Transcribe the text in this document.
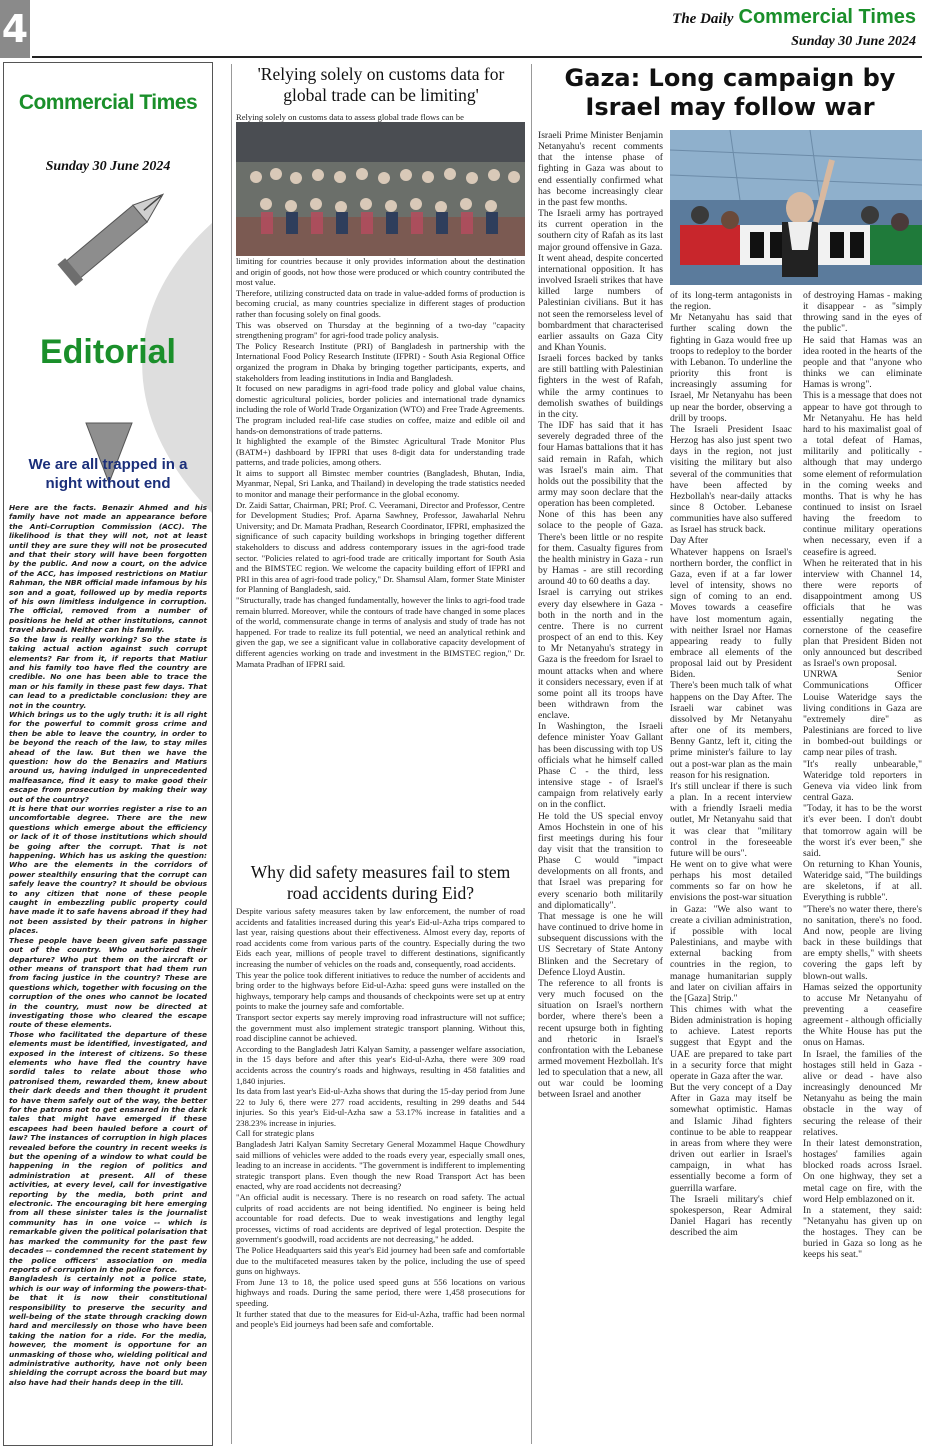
4	The Daily Commercial Times
Sunday 30 June 2024
Commercial Times
Sunday 30 June 2024
Editorial
We are all trapped in a night without end

Here are the facts. Benazir Ahmed and his family have not made an appearance before the Anti-Corruption Commission (ACC). The likelihood is that they will not, not at least until they are sure they will not be prosecuted and that their story will have been forgotten by the public. And now a court, on the advice of the ACC, has imposed restrictions on Matiur Rahman, the NBR official made infamous by his son and a goat, followed up by media reports of his own limitless indulgence in corruption. The official, removed from a number of positions he held at other institutions, cannot travel abroad. Neither can his family.

So the law is really working? So the state is taking actual action against such corrupt elements? Far from it, if reports that Matiur and his family too have fled the country are credible. No one has been able to trace the man or his family in these past few days. That can lead to a predictable conclusion: they are not in the country.

Which brings us to the ugly truth: it is all right for the powerful to commit gross crime and then be able to leave the country, in order to be beyond the reach of the law, to stay miles ahead of the law. But then we have the question: how do the Benazirs and Matiurs around us, having indulged in unprecedented malfeasance, find it easy to make good their escape from prosecution by making their way out of the country?

It is here that our worries register a rise to an uncomfortable degree. There are the new questions which emerge about the efficiency or lack of it of those institutions which should be going after the corrupt. That is not happening. Which has us asking the question: Who are the elements in the corridors of power stealthily ensuring that the corrupt can safely leave the country? It should be obvious to any citizen that none of these people caught in embezzling public property could have made it to safe havens abroad if they had not been assisted by their patrons in higher places.

These people have been given safe passage out of the country. Who authorized their departure? Who put them on the aircraft or other means of transport that had them run from facing justice in the country? These are questions which, together with focusing on the corruption of the ones who cannot be located in the country, must now be directed at investigating those who cleared the escape route of these elements.

Those who facilitated the departure of these elements must be identified, investigated, and exposed in the interest of citizens. So these elements who have fled the country have sordid tales to relate about those who patronised them, rewarded them, knew about their dark deeds and then thought it prudent to have them safely out of the way, the better for the patrons not to get ensnared in the dark tales that might have emerged if these escapees had been hauled before a court of law? The instances of corruption in high places revealed before the country in recent weeks is but the opening of a window to what could be happening in the region of politics and administration at present. All of these activities, at every level, call for investigative reporting by the media, both print and electronic. The encouraging bit here emerging from all these sinister tales is the journalist community has in one voice -- which is remarkable given the political polarisation that has marked the community for the past few decades -- condemned the recent statement by the police officers' association on media reports of corruption in the police force.

Bangladesh is certainly not a police state, which is our way of informing the powers-that-be that it is now their constitutional responsibility to preserve the security and well-being of the state through cracking down hard and mercilessly on those who have been taking the nation for a ride. For the media, however, the moment is opportune for an unmasking of those who, wielding political and administrative authority, have not only been shielding the corrupt across the board but may also have had their hands deep in the till.

'Relying solely on customs data for global trade can be limiting'

Relying solely on customs data to assess global trade flows can be

limiting for countries because it only provides information about the destination and origin of goods, not how those were produced or which country contributed the most value.

Therefore, utilizing constructed data on trade in value-added forms of production is becoming crucial, as many countries specialize in different stages of production rather than focusing solely on final goods.

This was observed on Thursday at the beginning of a two-day "capacity strengthening program" for agri-food trade policy analysis.

The Policy Research Institute (PRI) of Bangladesh in partnership with the International Food Policy Research Institute (IFPRI) - South Asia Regional Office organized the program in Dhaka by bringing together participants, experts, and stakeholders from leading institutions in India and Bangladesh.

It focused on new paradigms in agri-food trade policy and global value chains, domestic agricultural policies, border policies and international trade dynamics including the role of World Trade Organization (WTO) and Free Trade Agreements.

The program included real-life case studies on coffee, maize and edible oil and hands-on demonstrations of trade patterns.

It highlighted the example of the Bimstec Agricultural Trade Monitor Plus (BATM+) dashboard by IFPRI that uses 8-digit data for understanding trade patterns, and trade policies, among others.

It aims to support all Bimstec member countries (Bangladesh, Bhutan, India, Myanmar, Nepal, Sri Lanka, and Thailand) in developing the trade statistics needed to monitor and manage their performance in the global economy.

Dr. Zaidi Sattar, Chairman, PRI; Prof. C. Veeramani, Director and Professor, Centre for Development Studies; Prof. Aparna Sawhney, Professor, Jawaharlal Nehru University; and Dr. Mamata Pradhan, Research Coordinator, IFPRI, emphasized the significance of such capacity building workshops in bringing together different stakeholders to discuss and address contemporary issues in the agri-food trade sector. "Policies related to agri-food trade are critically important for South Asia and the BIMSTEC region. We welcome the capacity building effort of IFPRI and PRI in this area of agri-food trade policy," Dr. Shamsul Alam, former State Minister for Planning of Bangladesh, said.

"Structurally, trade has changed fundamentally, however the links to agri-food trade remain blurred. Moreover, while the contours of trade have changed in some places of the world, commensurate change in terms of analysis and study of trade has not happened. For trade to realize its full potential, we need an analytical rethink and given the gap, we see a significant value in collaborative capacity development of different agencies working on trade and investment in the BIMSTEC region," Dr. Mamata Pradhan of IFPRI said.

Why did safety measures fail to stem road accidents during Eid?

Despite various safety measures taken by law enforcement, the number of road accidents and fatalities increased during this year's Eid-ul-Azha trips compared to last year, raising questions about their effectiveness. Almost every day, reports of road accidents come from various parts of the country. Especially during the two Eids each year, millions of people travel to different destinations, significantly increasing the number of vehicles on the roads and, consequently, road accidents.

This year the police took different initiatives to reduce the number of accidents and bring order to the highways before Eid-ul-Azha: speed guns were installed on the highways, temporary help camps and thousands of checkpoints were set up at entry points to make the journey safe and comfortable.

Transport sector experts say merely improving road infrastructure will not suffice; the government must also implement strategic transport planning. Without this, road discipline cannot be achieved.

According to the Bangladesh Jatri Kalyan Samity, a passenger welfare association, in the 15 days before and after this year's Eid-ul-Azha, there were 309 road accidents across the country's roads and highways, resulting in 458 fatalities and 1,840 injuries.

Its data from last year's Eid-ul-Azha shows that during the 15-day period from June 22 to July 6, there were 277 road accidents, resulting in 299 deaths and 544 injuries. So this year's Eid-ul-Azha saw a 53.17% increase in fatalities and a 238.23% increase in injuries.

Call for strategic plans

Bangladesh Jatri Kalyan Samity Secretary General Mozammel Haque Chowdhury said millions of vehicles were added to the roads every year, especially small ones, leading to an increase in accidents. "The government is indifferent to implementing strategic transport plans. Even though the new Road Transport Act has been enacted, why are road accidents not decreasing?

"An official audit is necessary. There is no research on road safety. The actual culprits of road accidents are not being identified. No engineer is being held accountable for road defects. Due to weak investigations and lengthy legal processes, victims of road accidents are deprived of legal protection. Despite the government's goodwill, road accidents are not decreasing," he added.

The Police Headquarters said this year's Eid journey had been safe and comfortable due to the multifaceted measures taken by the police, including the use of speed guns on highways.

From June 13 to 18, the police used speed guns at 556 locations on various highways and roads. During the same period, there were 1,458 prosecutions for speeding.

It further stated that due to the measures for Eid-ul-Azha, traffic had been normal and people's Eid journeys had been safe and comfortable.

Gaza: Long campaign by Israel may follow war

Israeli Prime Minister Benjamin Netanyahu's recent comments that the intense phase of fighting in Gaza was about to end essentially confirmed what has become increasingly clear in the past few months.

The Israeli army has portrayed its current operation in the southern city of Rafah as its last major ground offensive in Gaza.

It went ahead, despite concerted international opposition. It has involved Israeli strikes that have killed large numbers of Palestinian civilians. But it has not seen the remorseless level of bombardment that characterised earlier assaults on Gaza City and Khan Younis.

Israeli forces backed by tanks are still battling with Palestinian fighters in the west of Rafah, while the army continues to demolish swathes of buildings in the city.

The IDF has said that it has severely degraded three of the four Hamas battalions that it has said remain in Rafah, which was Israel's main aim. That holds out the possibility that the army may soon declare that the operation has been completed.

None of this has been any solace to the people of Gaza. There's been little or no respite for them. Casualty figures from the health ministry in Gaza - run by Hamas - are still recording around 40 to 60 deaths a day.

Israel is carrying out strikes every day elsewhere in Gaza - both in the north and in the centre. There is no current prospect of an end to this. Key to Mr Netanyahu's strategy in Gaza is the freedom for Israel to mount attacks when and where it considers necessary, even if at some point all its troops have been withdrawn from the enclave.

In Washington, the Israeli defence minister Yoav Gallant has been discussing with top US officials what he himself called Phase C - the third, less intensive stage - of Israel's campaign from relatively early on in the conflict.

He told the US special envoy Amos Hochstein in one of his first meetings during his four day visit that the transition to Phase C would "impact developments on all fronts, and that Israel was preparing for every scenario both militarily and diplomatically".

That message is one he will have continued to drive home in subsequent discussions with the US Secretary of State Antony Blinken and the Secretary of Defence Lloyd Austin.

The reference to all fronts is very much focused on the situation on Israel's northern border, where there's been a recent upsurge both in fighting and rhetoric in Israel's confrontation with the Lebanese armed movement Hezbollah. It's led to speculation that a new, all out war could be looming between Israel and another

of its long-term antagonists in the region.

Mr Netanyahu has said that further scaling down the fighting in Gaza would free up troops to redeploy to the border with Lebanon. To underline the priority this front is increasingly assuming for Israel, Mr Netanyahu has been up near the border, observing a drill by troops.

The Israeli President Isaac Herzog has also just spent two days in the region, not just visiting the military but also several of the communities that have been affected by Hezbollah's near-daily attacks since 8 October. Lebanese communities have also suffered as Israel has struck back.

Day After

Whatever happens on Israel's northern border, the conflict in Gaza, even if at a far lower level of intensity, shows no sign of coming to an end. Moves towards a ceasefire have lost momentum again, with neither Israel nor Hamas appearing ready to fully embrace all elements of the proposal laid out by President Biden.

There's been much talk of what happens on the Day After. The Israeli war cabinet was dissolved by Mr Netanyahu after one of its members, Benny Gantz, left it, citing the prime minister's failure to lay out a post-war plan as the main reason for his resignation.

It's still unclear if there is such a plan. In a recent interview with a friendly Israeli media outlet, Mr Netanyahu said that it was clear that "military control in the foreseeable future will be ours".

He went on to give what were perhaps his most detailed comments so far on how he envisions the post-war situation in Gaza: "We also want to create a civilian administration, if possible with local Palestinians, and maybe with external backing from countries in the region, to manage humanitarian supply and later on civilian affairs in the [Gaza] Strip."

This chimes with what the Biden administration is hoping to achieve. Latest reports suggest that Egypt and the UAE are prepared to take part in a security force that might operate in Gaza after the war.

But the very concept of a Day After in Gaza may itself be somewhat optimistic. Hamas and Islamic Jihad fighters continue to be able to reappear in areas from where they were driven out earlier in Israel's campaign, in what has essentially become a form of guerrilla warfare.

The Israeli military's chief spokesperson, Rear Admiral Daniel Hagari has recently described the aim

of destroying Hamas - making it disappear - as "simply throwing sand in the eyes of the public".

He said that Hamas was an idea rooted in the hearts of the people and that "anyone who thinks we can eliminate Hamas is wrong".

This is a message that does not appear to have got through to Mr Netanyahu. He has held hard to his maximalist goal of a total defeat of Hamas, militarily and politically - although that may undergo some element of reformulation in the coming weeks and months. That is why he has continued to insist on Israel having the freedom to continue military operations when necessary, even if a ceasefire is agreed.

When he reiterated that in his interview with Channel 14, there were reports of disappointment among US officials that he was essentially negating the cornerstone of the ceasefire plan that President Biden not only announced but described as Israel's own proposal.

UNRWA Senior Communications Officer Louise Wateridge says the living conditions in Gaza are "extremely dire" as Palestinians are forced to live in bombed-out buildings or camp near piles of trash.

"It's really unbearable," Wateridge told reporters in Geneva via video link from central Gaza.

"Today, it has to be the worst it's ever been. I don't doubt that tomorrow again will be the worst it's ever been," she said.

On returning to Khan Younis, Wateridge said, "The buildings are skeletons, if at all. Everything is rubble".

"There's no water there, there's no sanitation, there's no food. And now, people are living back in these buildings that are empty shells," with sheets covering the gaps left by blown-out walls.

Hamas seized the opportunity to accuse Mr Netanyahu of preventing a ceasefire agreement - although officially the White House has put the onus on Hamas.

In Israel, the families of the hostages still held in Gaza - alive or dead - have also increasingly denounced Mr Netanyahu as being the main obstacle in the way of securing the release of their relatives.

In their latest demonstration, hostages' families again blocked roads across Israel. On one highway, they set a metal cage on fire, with the word Help emblazoned on it.

In a statement, they said: "Netanyahu has given up on the hostages. They can be buried in Gaza so long as he keeps his seat."
